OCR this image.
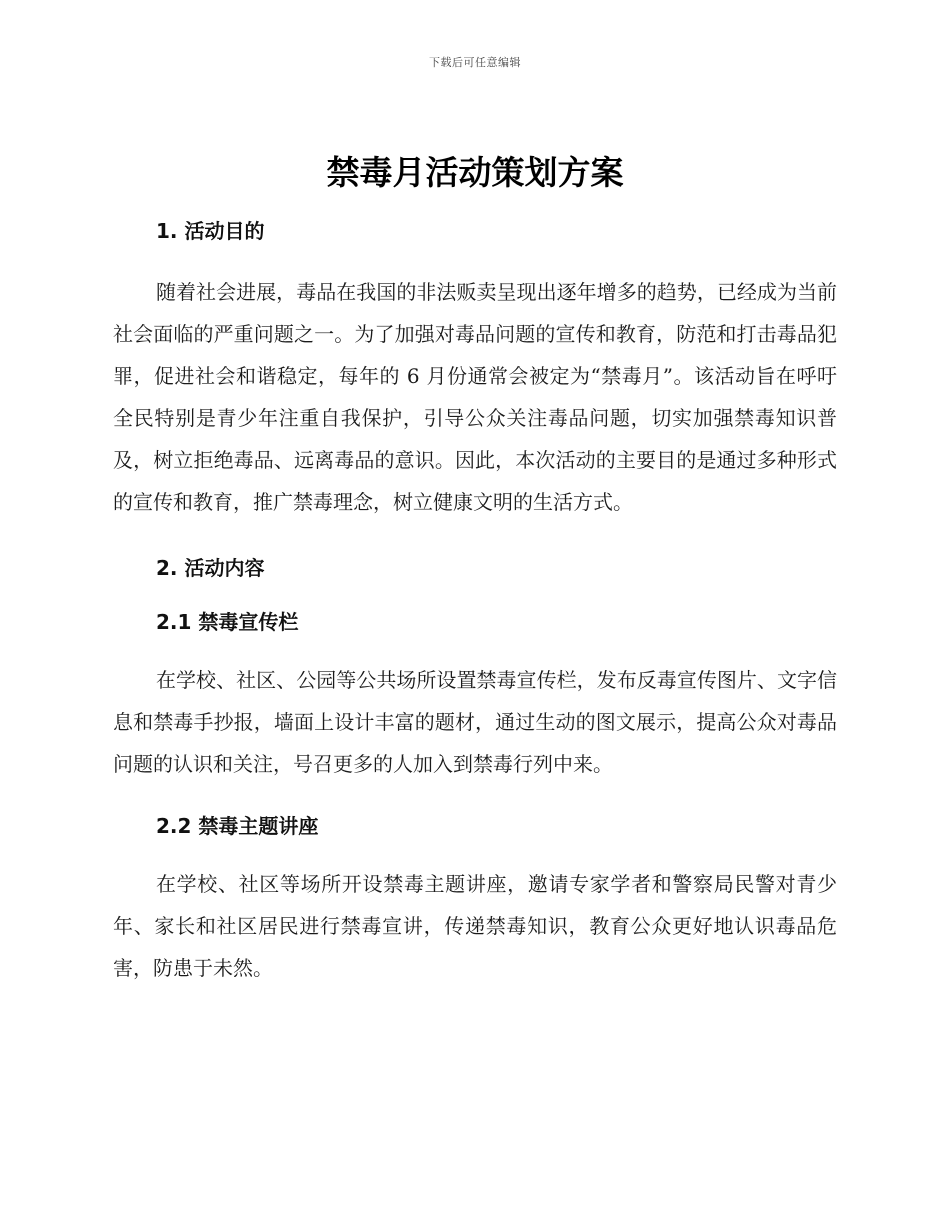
下载后可任意编辑
禁毒月活动策划方案
1. 活动目的

随着社会进展，毒品在我国的非法贩卖呈现出逐年增多的趋势，已经成为当前社会面临的严重问题之一。为了加强对毒品问题的宣传和教育，防范和打击毒品犯罪，促进社会和谐稳定，每年的 6 月份通常会被定为“禁毒月”。该活动旨在呼吁全民特别是青少年注重自我保护，引导公众关注毒品问题，切实加强禁毒知识普及，树立拒绝毒品、远离毒品的意识。因此，本次活动的主要目的是通过多种形式的宣传和教育，推广禁毒理念，树立健康文明的生活方式。

2. 活动内容
2.1 禁毒宣传栏

在学校、社区、公园等公共场所设置禁毒宣传栏，发布反毒宣传图片、文字信息和禁毒手抄报，墙面上设计丰富的题材，通过生动的图文展示，提高公众对毒品问题的认识和关注，号召更多的人加入到禁毒行列中来。

2.2 禁毒主题讲座

在学校、社区等场所开设禁毒主题讲座，邀请专家学者和警察局民警对青少年、家长和社区居民进行禁毒宣讲，传递禁毒知识，教育公众更好地认识毒品危害，防患于未然。
